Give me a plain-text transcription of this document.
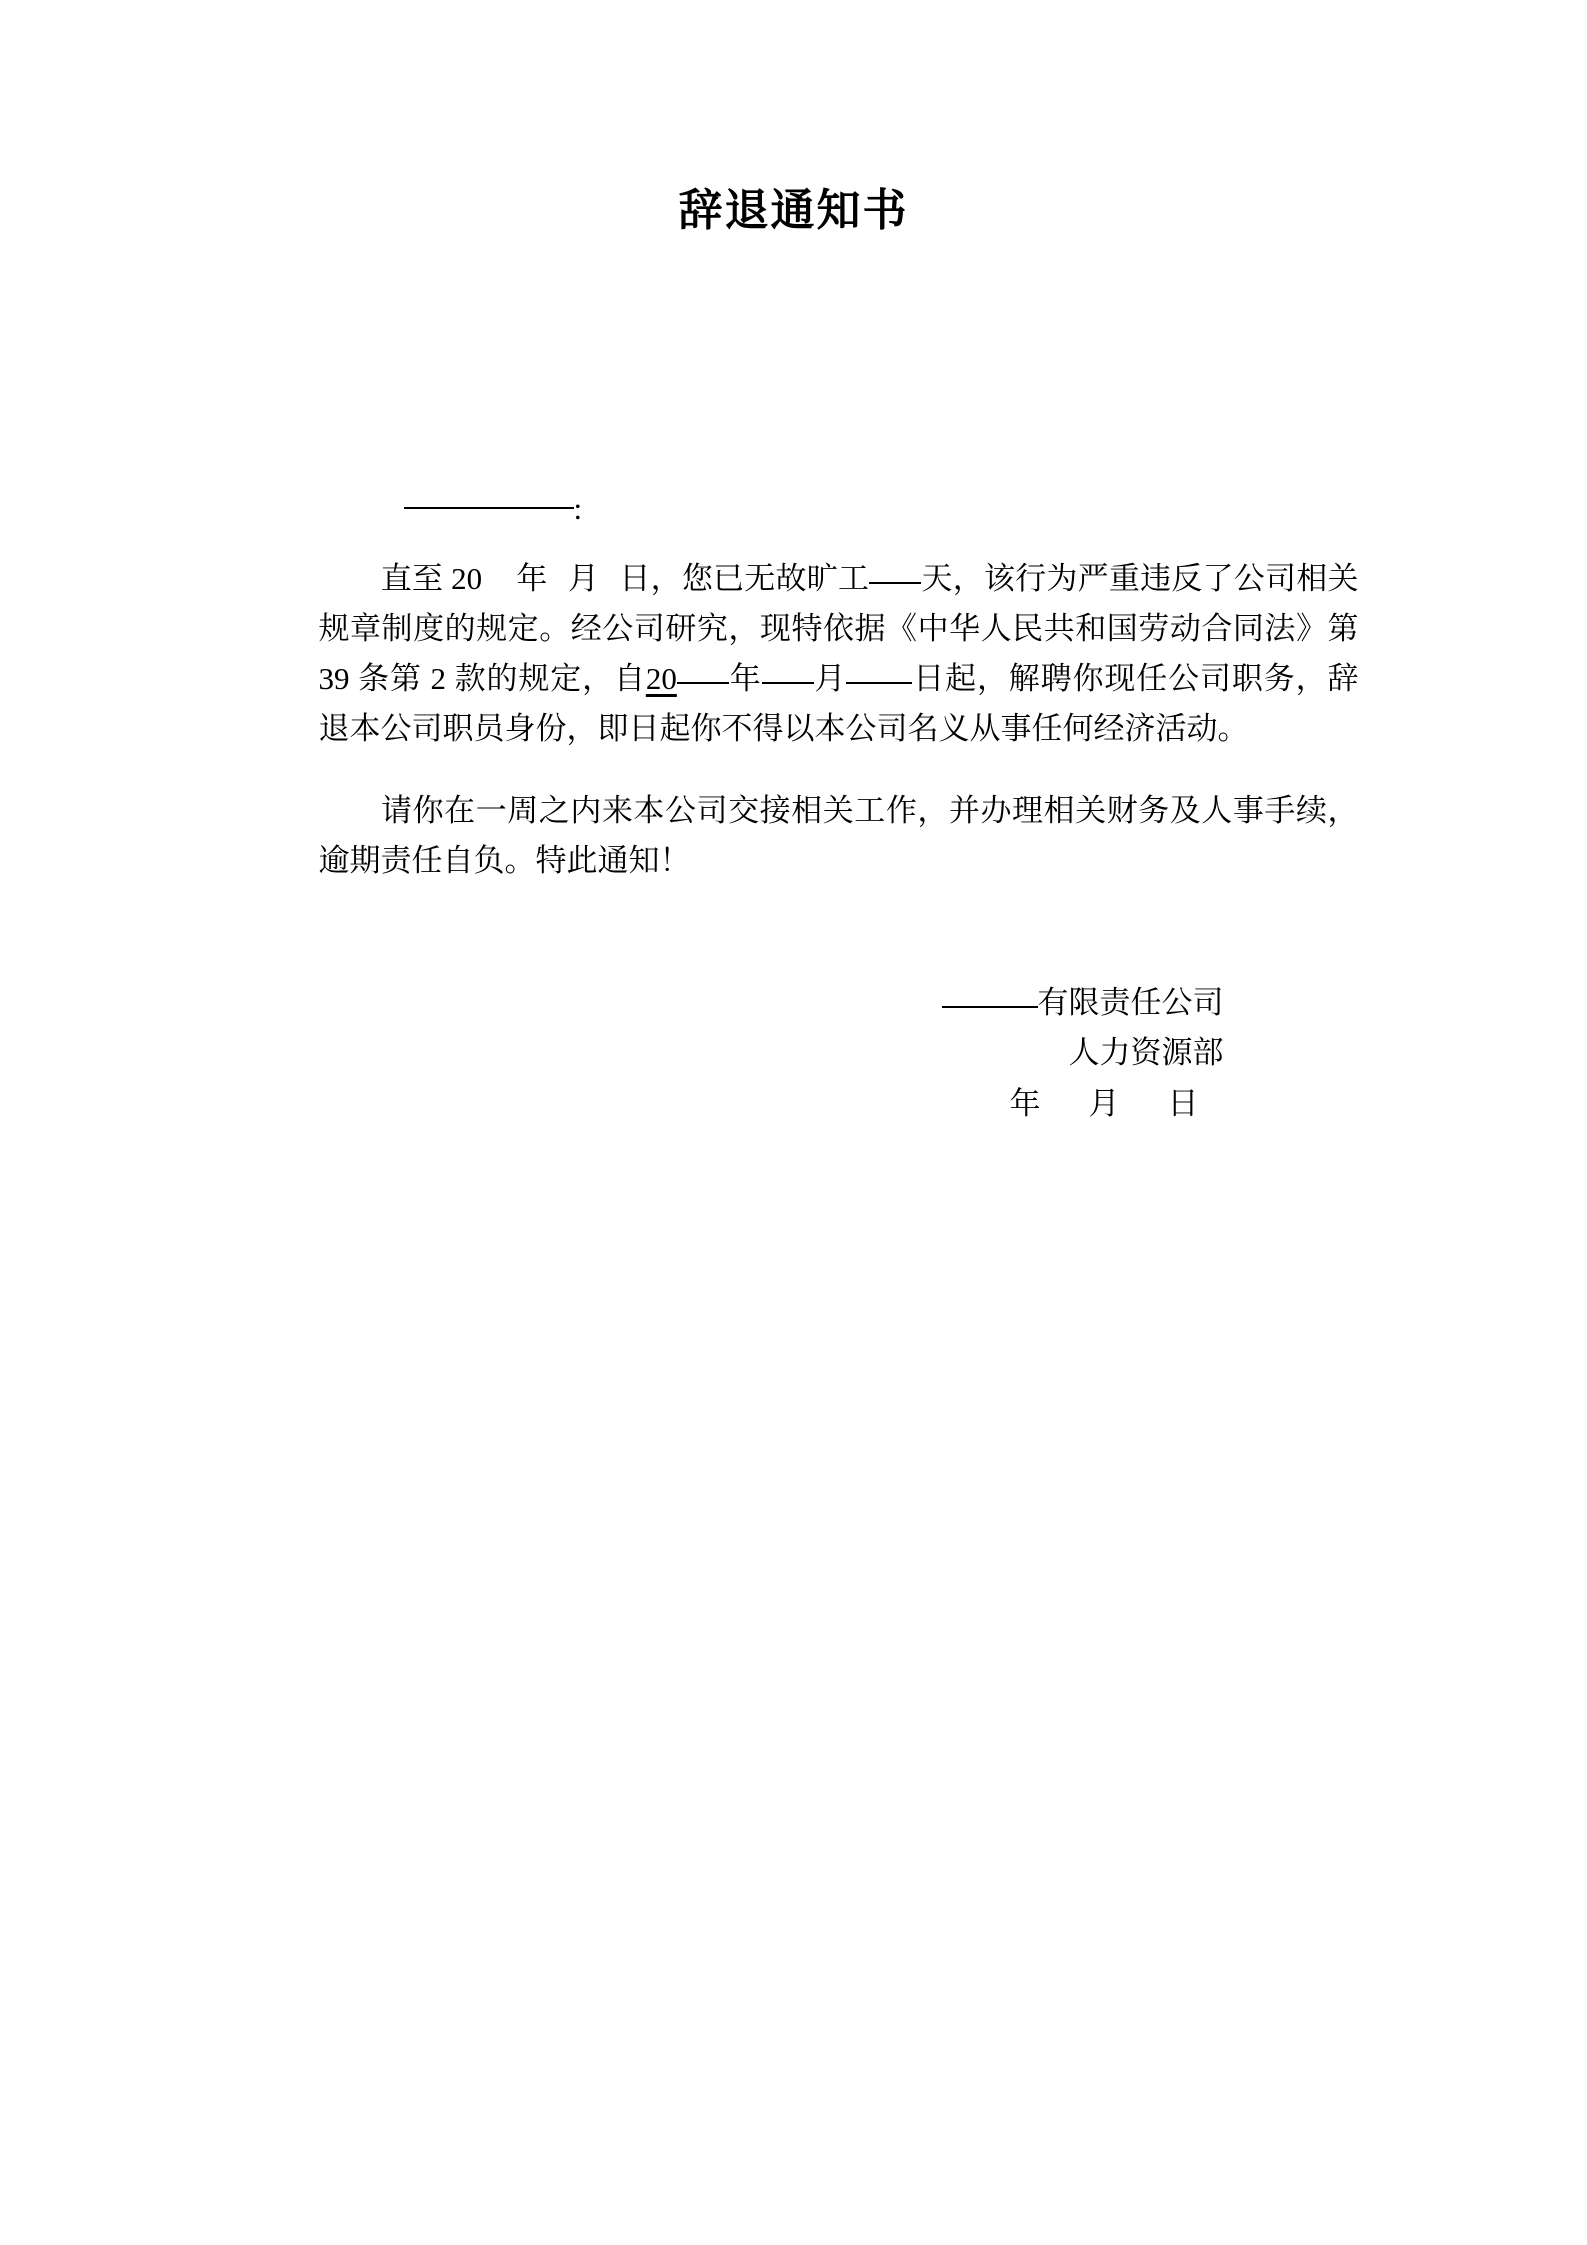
辞退通知书
:

直至 20 年 月 日，您已无故旷工 天，该行为严重违反了公司相关规章制度的规定。经公司研究，现特依据《中华人民共和国劳动合同法》第 39 条第 2 款的规定，自20 年 月 日起，解聘你现任公司职务，辞退本公司职员身份，即日起你不得以本公司名义从事任何经济活动。

请你在一周之内来本公司交接相关工作，并办理相关财务及人事手续，逾期责任自负。特此通知！

有限责任公司
人力资源部
年 月 日
